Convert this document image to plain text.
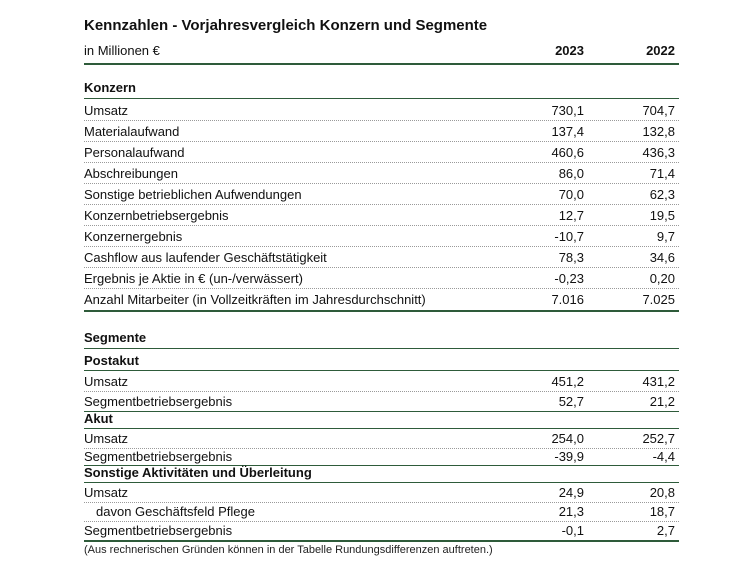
Kennzahlen - Vorjahresvergleich Konzern und Segmente
in Millionen €	2023	2022
Konzern
Umsatz	730,1	704,7
Materialaufwand	137,4	132,8
Personalaufwand	460,6	436,3
Abschreibungen	86,0	71,4
Sonstige betrieblichen Aufwendungen	70,0	62,3
Konzernbetriebsergebnis	12,7	19,5
Konzernergebnis	-10,7	9,7
Cashflow aus laufender Geschäftstätigkeit	78,3	34,6
Ergebnis je Aktie in € (un-/verwässert)	-0,23	0,20
Anzahl Mitarbeiter (in Vollzeitkräften im Jahresdurchschnitt)	7.016	7.025
Segmente
Postakut
Umsatz	451,2	431,2
Segmentbetriebsergebnis	52,7	21,2
Akut
Umsatz	254,0	252,7
Segmentbetriebsergebnis	-39,9	-4,4
Sonstige Aktivitäten und Überleitung
Umsatz	24,9	20,8
davon Geschäftsfeld Pflege	21,3	18,7
Segmentbetriebsergebnis	-0,1	2,7
(Aus rechnerischen Gründen können in der Tabelle Rundungsdifferenzen auftreten.)
